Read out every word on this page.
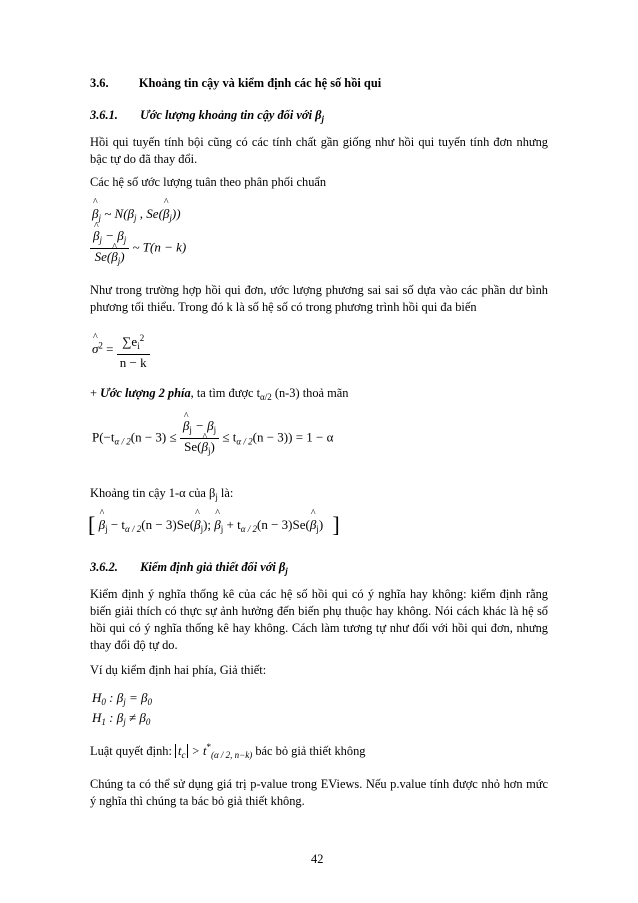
3.6. Khoảng tin cậy và kiểm định các hệ số hồi qui
3.6.1. Ước lượng khoảng tin cậy đối với $\beta_j$
Hồi qui tuyến tính bội cũng có các tính chất gần giống như hồi qui tuyến tính đơn nhưng bậc tự do đã thay đổi.
Các hệ số ước lượng tuân theo phân phối chuẩn
^ $\beta_j$ ~ $N(\beta_j$ , Se(^ $\beta_j$))
^ $\frac{\beta_j - \beta_j}{Se(\^{} \beta_j)}$ ~ T(n − k)
Như trong trường hợp hồi qui đơn, ước lượng phương sai sai số dựa vào các phần dư bình phương tối thiểu. Trong đó k là số hệ số có trong phương trình hồi qui đa biến
^ $\sigma^2 = \frac{\sum e_i^2}{n - k}$
+ Ước lượng 2 phía, ta tìm được $t_{\alpha/2}$ (n-3) thoả mãn
$P(-t_{\alpha / 2}(n - 3)$ ≤ ^ $\frac{\beta_j - \beta_j}{Se(\^{} \beta_j)} \le t_{\alpha / 2}(n - 3)) = 1 - \alpha$
Khoảng tin cậy 1-α của $\beta_j$ là:
[ ^ $\beta_j - t_{\alpha / 2}(n$ − 3)Se(^ $\beta_j$); ^ $\beta_j + t_{\alpha / 2}(n$ − 3)Se(^ $\beta_j$) ]
3.6.2. Kiểm định giả thiết đối với $\beta_j$
Kiểm định ý nghĩa thống kê của các hệ số hồi qui có ý nghĩa hay không: kiểm định rằng biến giải thích có thực sự ảnh hưởng đến biến phụ thuộc hay không. Nói cách khác là hệ số hồi qui có ý nghĩa thống kê hay không. Cách làm tương tự như đối với hồi qui đơn, nhưng thay đổi độ tự do.
Ví dụ kiểm định hai phía, Giả thiết:
$H_0$ : $\beta_j = \beta_0$
$H_1$ : $\beta_j \ne \beta_0$
Luật quyết định: $t_c > t^*_{(\alpha / 2, n-k)}$ bác bỏ giả thiết không
Chúng ta có thể sử dụng giá trị p-value trong EViews. Nếu p.value tính được nhỏ hơn mức ý nghĩa thì chúng ta bác bỏ giả thiết không.
42
